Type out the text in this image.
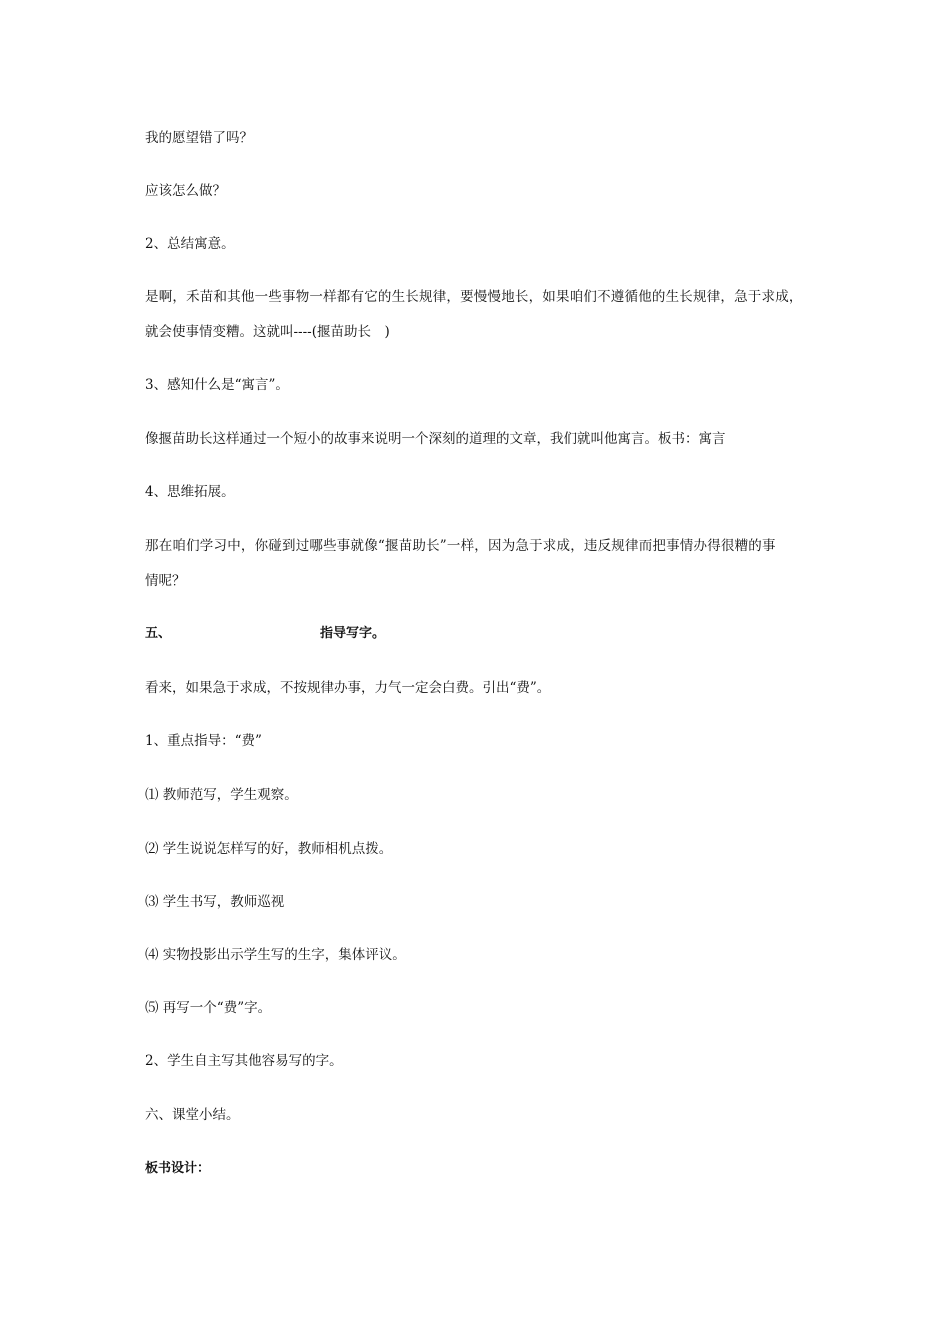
我的愿望错了吗？
应该怎么做？
2、总结寓意。
是啊，禾苗和其他一些事物一样都有它的生长规律，要慢慢地长，如果咱们不遵循他的生长规律，急于求成，
就会使事情变糟。这就叫----(揠苗助长　)
3、感知什么是“寓言”。
像揠苗助长这样通过一个短小的故事来说明一个深刻的道理的文章，我们就叫他寓言。板书：寓言
4、思维拓展。
那在咱们学习中，你碰到过哪些事就像“揠苗助长”一样，因为急于求成，违反规律而把事情办得很糟的事
情呢？
五、	指导写字。
看来，如果急于求成，不按规律办事，力气一定会白费。引出“费”。
1、重点指导：“费”
⑴ 教师范写，学生观察。
⑵ 学生说说怎样写的好，教师相机点拨。
⑶ 学生书写，教师巡视
⑷ 实物投影出示学生写的生字，集体评议。
⑸ 再写一个“费”字。
2、学生自主写其他容易写的字。
六、课堂小结。
板书设计：
